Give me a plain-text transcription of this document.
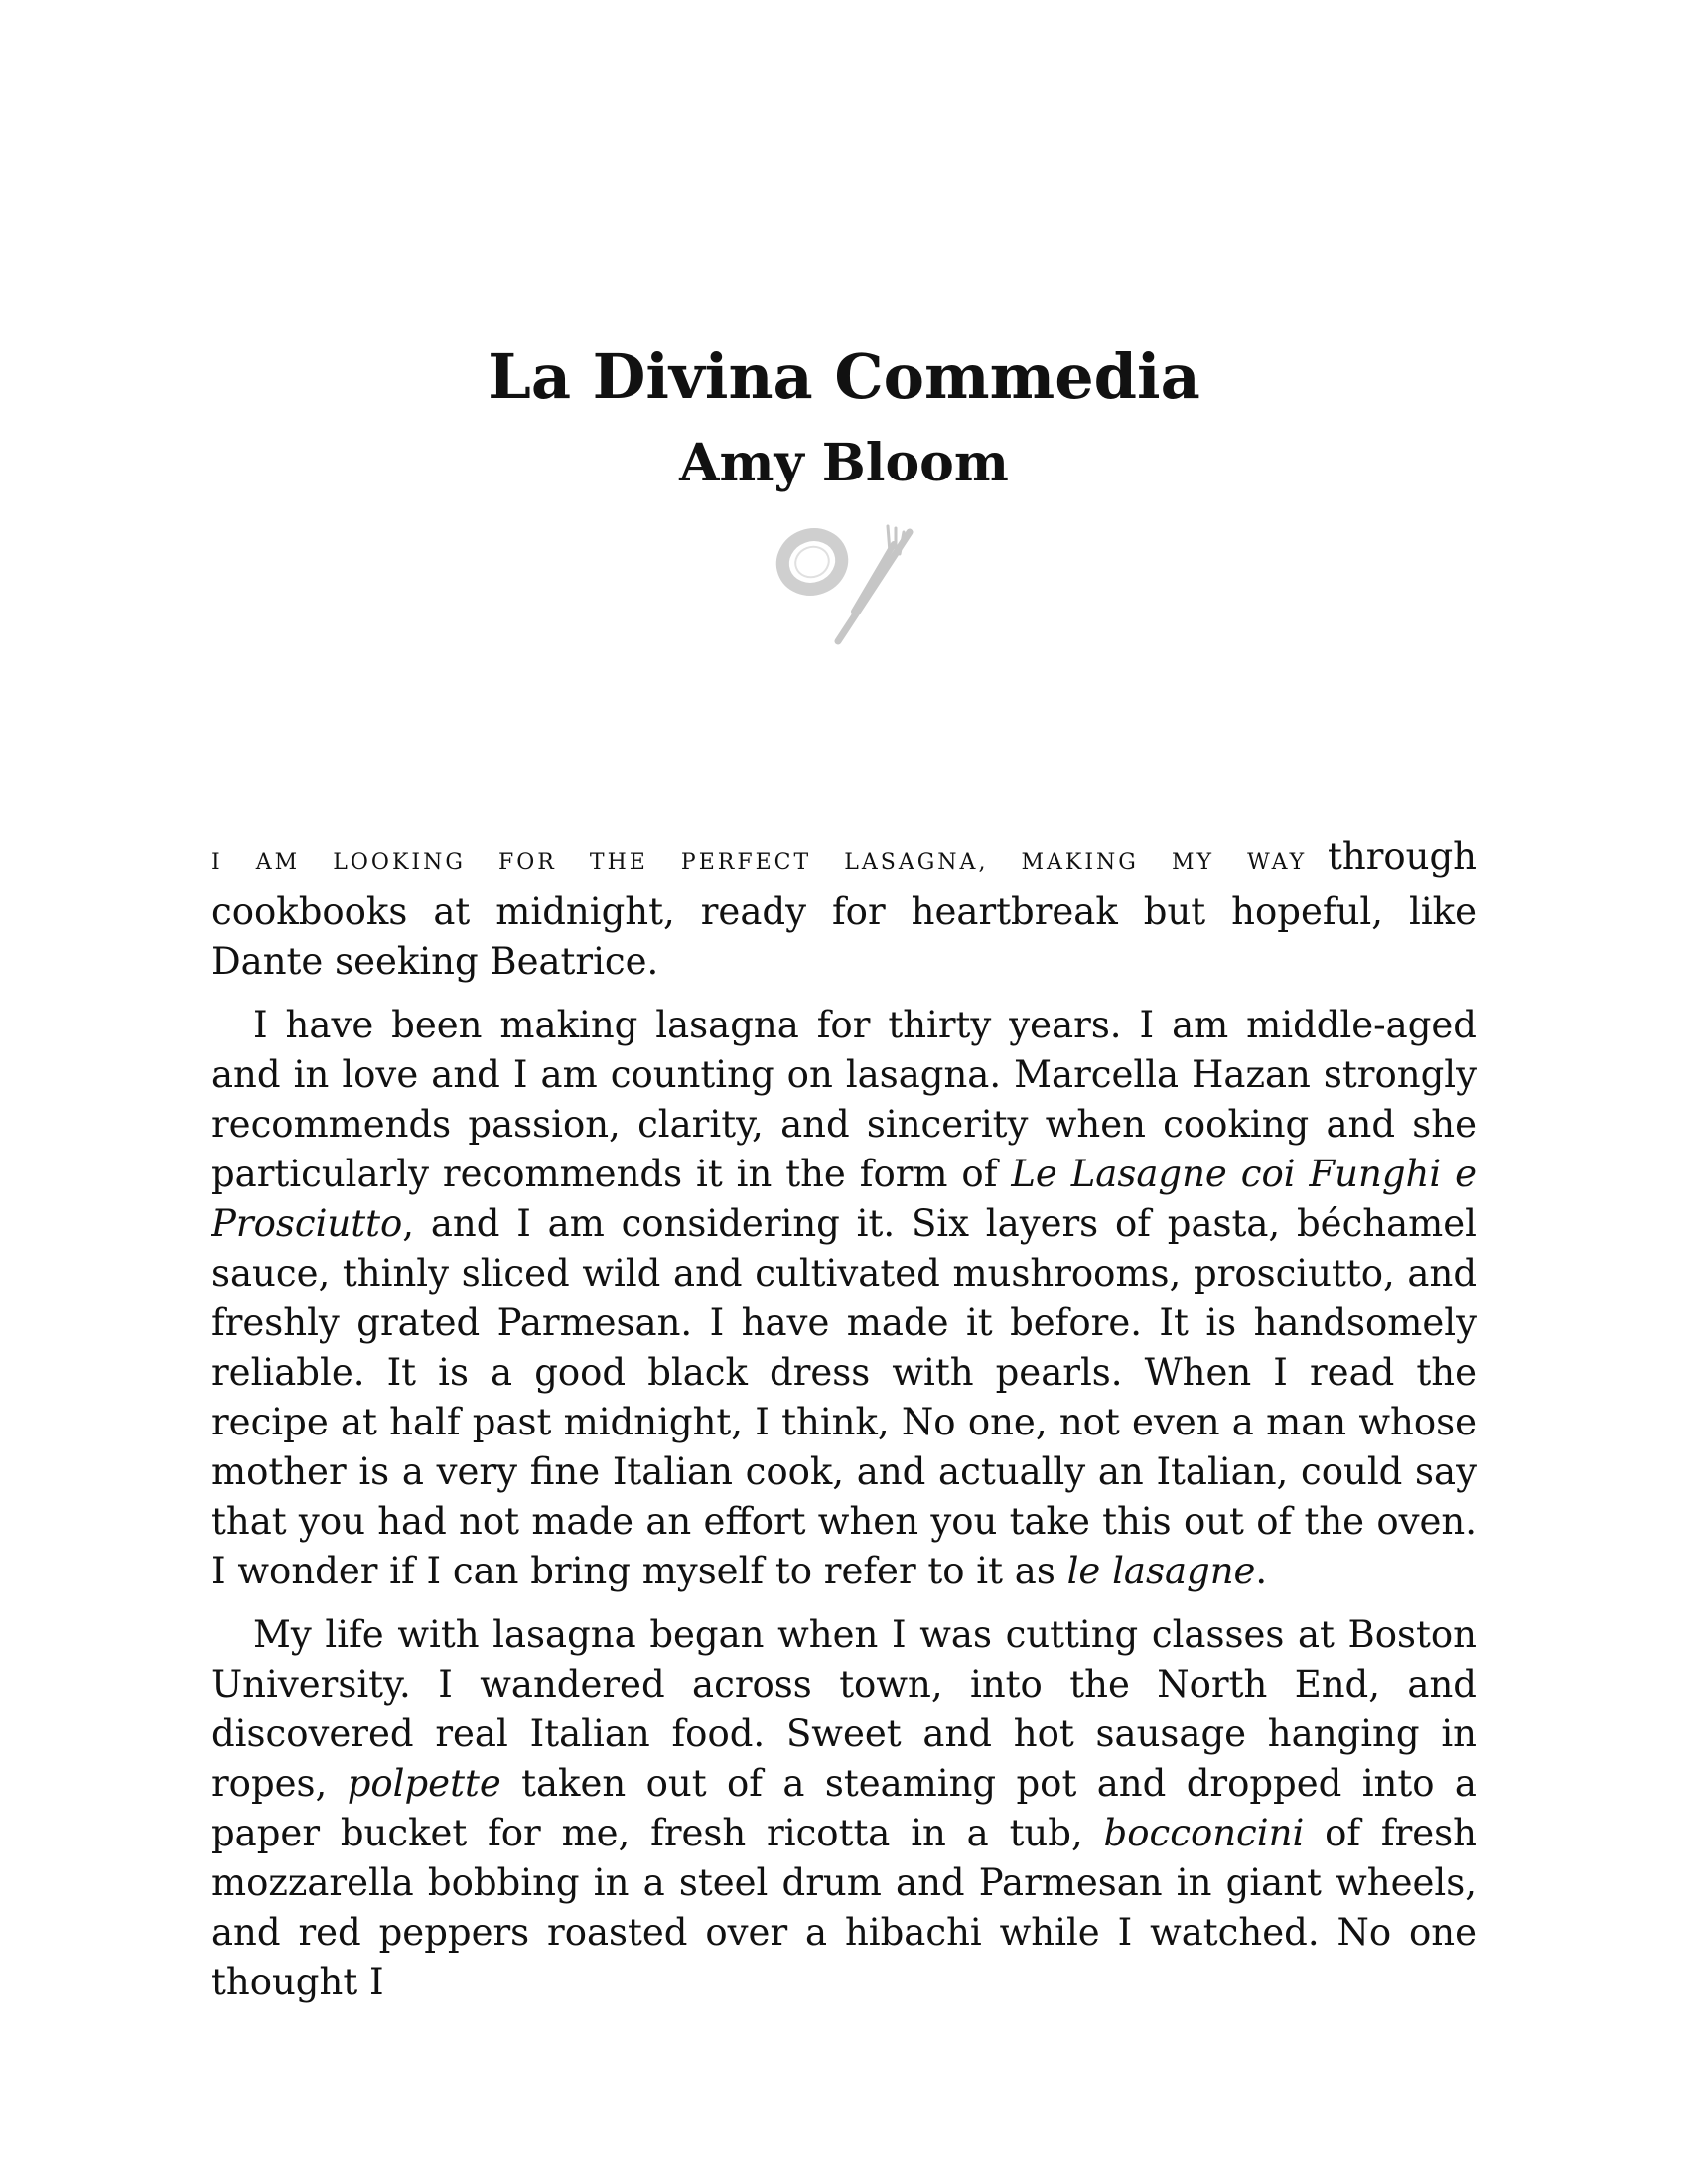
La Divina Commedia
Amy Bloom

I AM LOOKING FOR THE PERFECT LASAGNA, MAKING MY WAY through cookbooks at midnight, ready for heartbreak but hopeful, like Dante seeking Beatrice.

I have been making lasagna for thirty years. I am middle-aged and in love and I am counting on lasagna. Marcella Hazan strongly recommends passion, clarity, and sincerity when cooking and she particularly recommends it in the form of Le Lasagne coi Funghi e Prosciutto, and I am considering it. Six layers of pasta, béchamel sauce, thinly sliced wild and cultivated mushrooms, prosciutto, and freshly grated Parmesan. I have made it before. It is handsomely reliable. It is a good black dress with pearls. When I read the recipe at half past midnight, I think, No one, not even a man whose mother is a very fine Italian cook, and actually an Italian, could say that you had not made an effort when you take this out of the oven. I wonder if I can bring myself to refer to it as le lasagne.

My life with lasagna began when I was cutting classes at Boston University. I wandered across town, into the North End, and discovered real Italian food. Sweet and hot sausage hanging in ropes, polpette taken out of a steaming pot and dropped into a paper bucket for me, fresh ricotta in a tub, bocconcini of fresh mozzarella bobbing in a steel drum and Parmesan in giant wheels, and red peppers roasted over a hibachi while I watched. No one thought I
